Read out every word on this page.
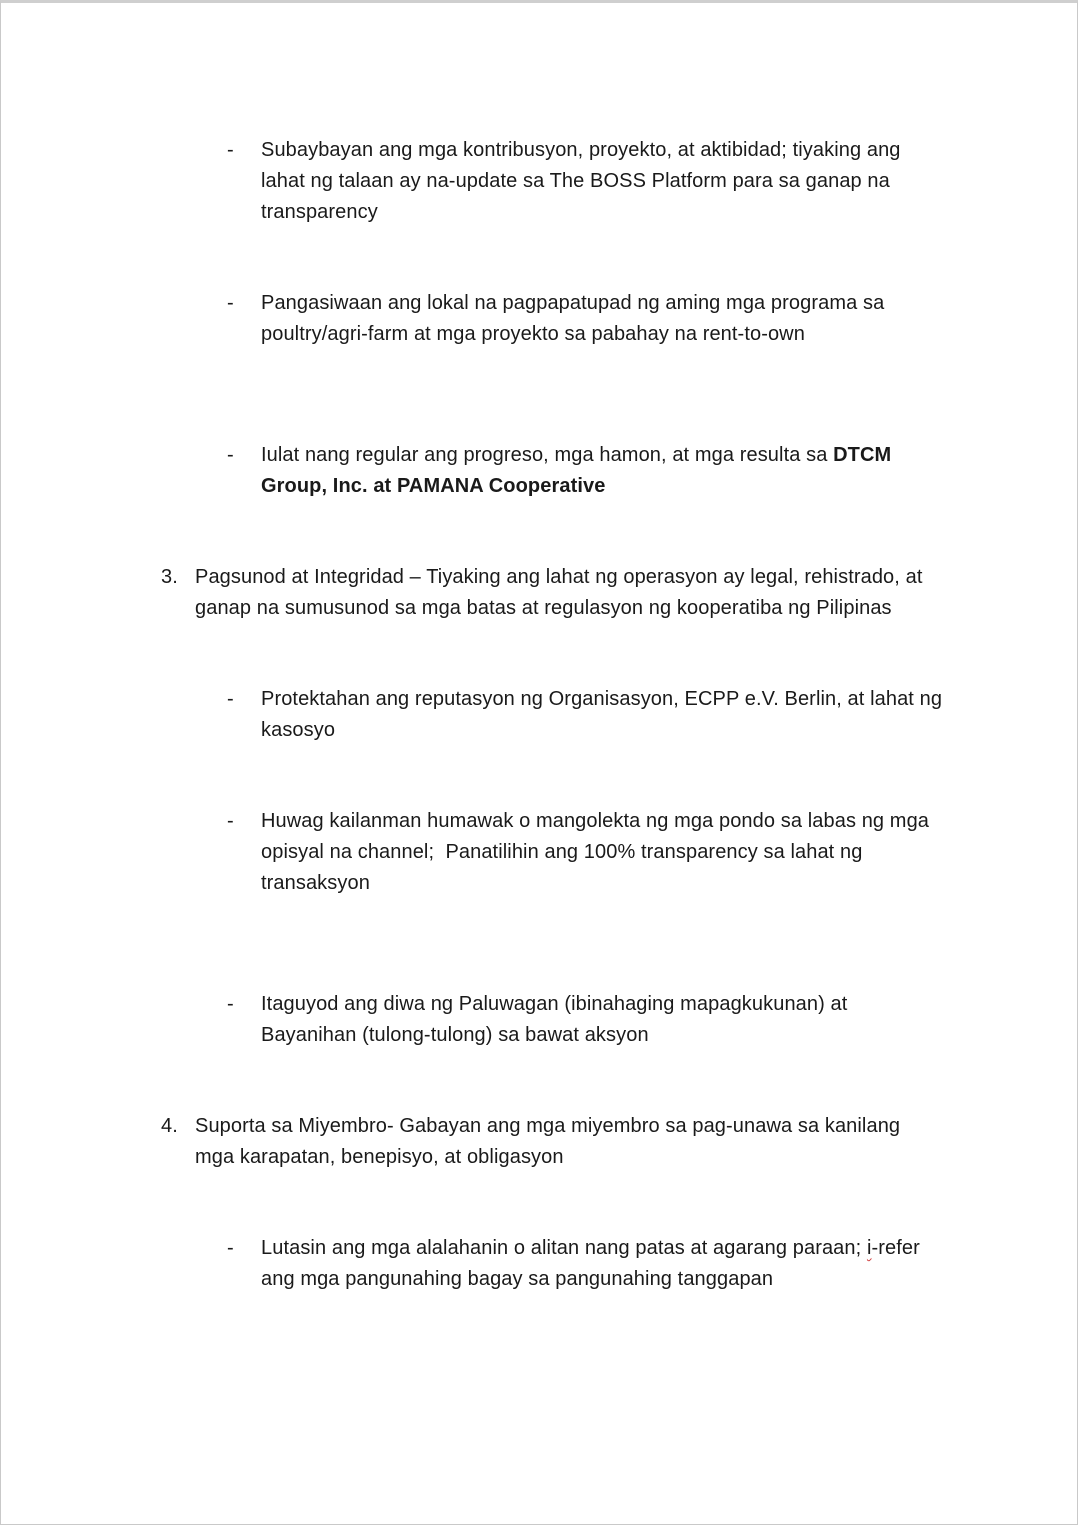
-	Subaybayan ang mga kontribusyon, proyekto, at aktibidad; tiyaking ang lahat ng talaan ay na-update sa The BOSS Platform para sa ganap na transparency
-	Pangasiwaan ang lokal na pagpapatupad ng aming mga programa sa poultry/agri-farm at mga proyekto sa pabahay na rent-to-own
-	Iulat nang regular ang progreso, mga hamon, at mga resulta sa DTCM
Group, Inc. at PAMANA Cooperative
3. Pagsunod at Integridad – Tiyaking ang lahat ng operasyon ay legal, rehistrado, at
ganap na sumusunod sa mga batas at regulasyon ng kooperatiba ng Pilipinas
-	Protektahan ang reputasyon ng Organisasyon, ECPP e.V. Berlin, at lahat ng kasosyo
-	Huwag kailanman humawak o mangolekta ng mga pondo sa labas ng mga
opisyal na channel;  Panatilihin ang 100% transparency sa lahat ng
transaksyon
-	Itaguyod ang diwa ng Paluwagan (ibinahaging mapagkukunan) at Bayanihan (tulong-tulong) sa bawat aksyon
4. Suporta sa Miyembro- Gabayan ang mga miyembro sa pag-unawa sa kanilang
mga karapatan, benepisyo, at obligasyon
-	Lutasin ang mga alalahanin o alitan nang patas at agarang paraan; i-refer
ang mga pangunahing bagay sa pangunahing tanggapan
